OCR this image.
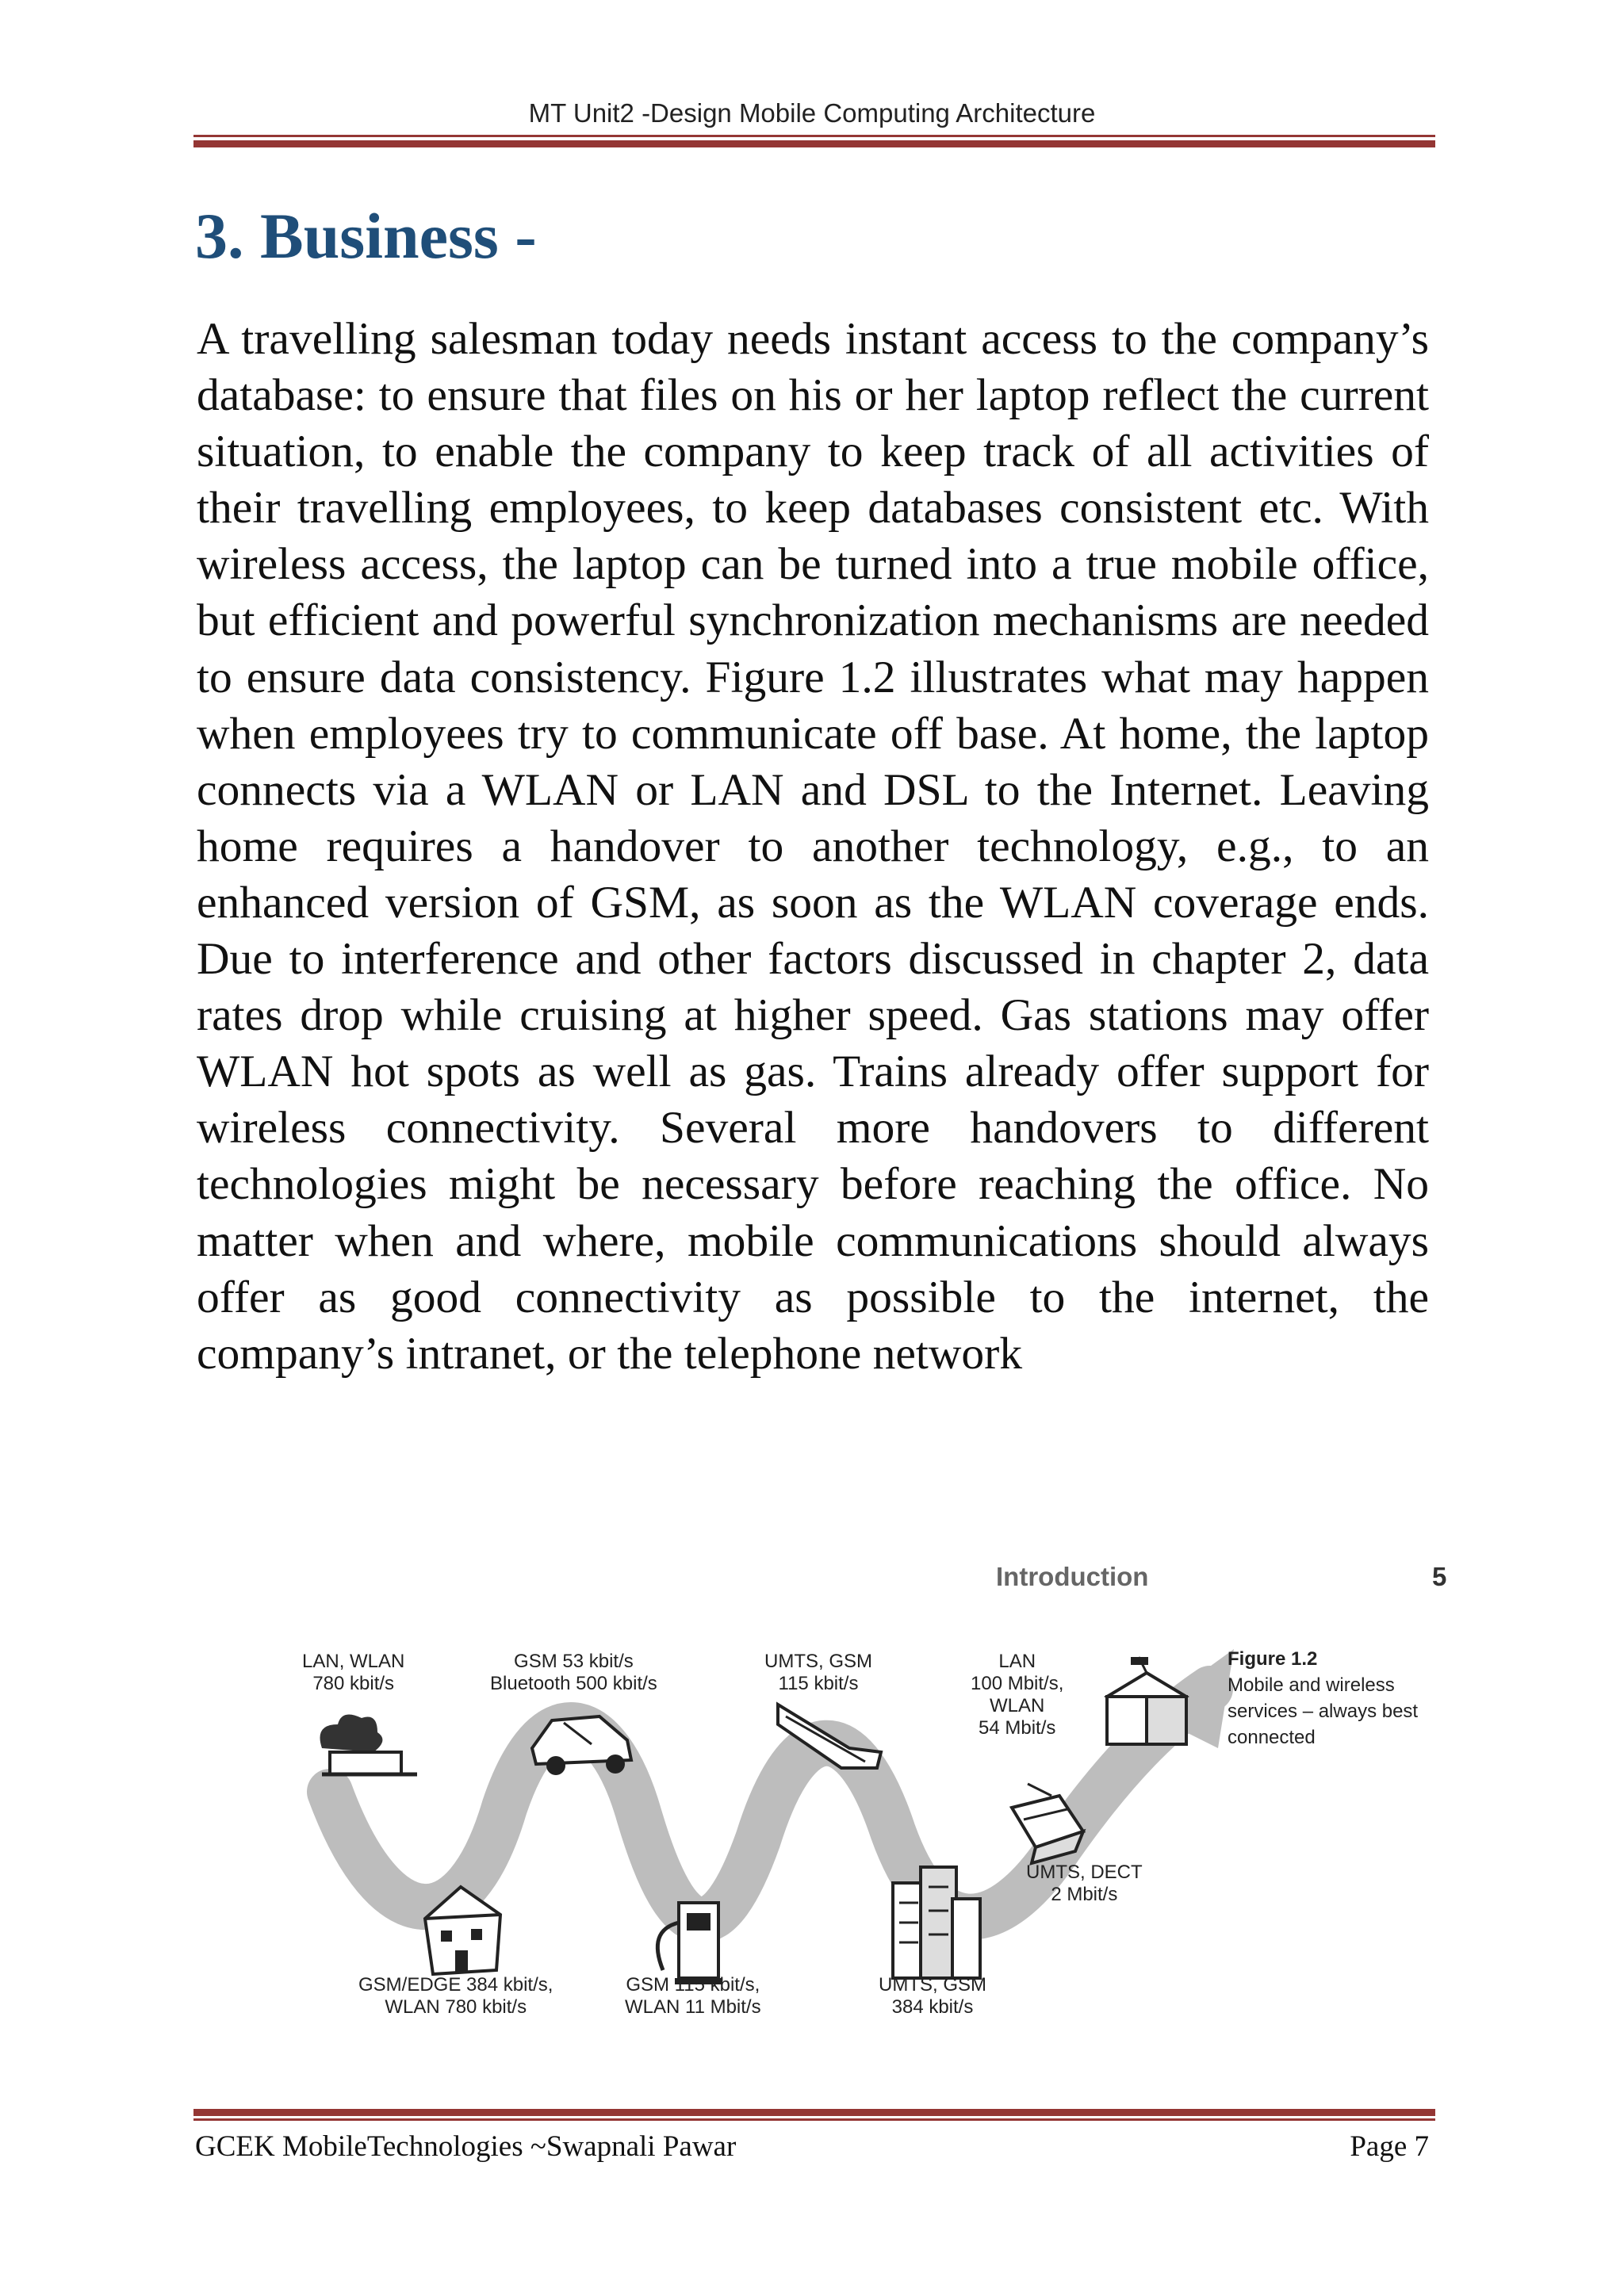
MT Unit2 -Design Mobile Computing Architecture
3. Business -

A travelling salesman today needs instant access to the company’s database: to ensure that files on his or her laptop reflect the current situation, to enable the company to keep track of all activities of their travelling employees, to keep databases consistent etc. With wireless access, the laptop can be turned into a true mobile office, but efficient and powerful synchronization mechanisms are needed to ensure data consistency. Figure 1.2 illustrates what may happen when employees try to communicate off base. At home, the laptop connects via a WLAN or LAN and DSL to the Internet. Leaving home requires a handover to another technology, e.g., to an enhanced version of GSM, as soon as the WLAN coverage ends. Due to interference and other factors discussed in chapter 2, data rates drop while cruising at higher speed. Gas stations may offer WLAN hot spots as well as gas. Trains already offer support for wireless connectivity. Several more handovers to different technologies might be necessary before reaching the office. No matter when and where, mobile communications should always offer as good connectivity as possible to the internet, the company’s intranet, or the telephone network

Introduction	5
LAN, WLAN
780 kbit/s
GSM 53 kbit/s
Bluetooth 500 kbit/s
UMTS, GSM
115 kbit/s
LAN
100 Mbit/s,
WLAN
54 Mbit/s
UMTS, DECT
2 Mbit/s
GSM/EDGE 384 kbit/s,
WLAN 780 kbit/s
GSM 115 kbit/s,
WLAN 11 Mbit/s
UMTS, GSM
384 kbit/s
Figure 1.2
Mobile and wireless
services – always best
connected
GCEK MobileTechnologies ~Swapnali Pawar	Page 7
